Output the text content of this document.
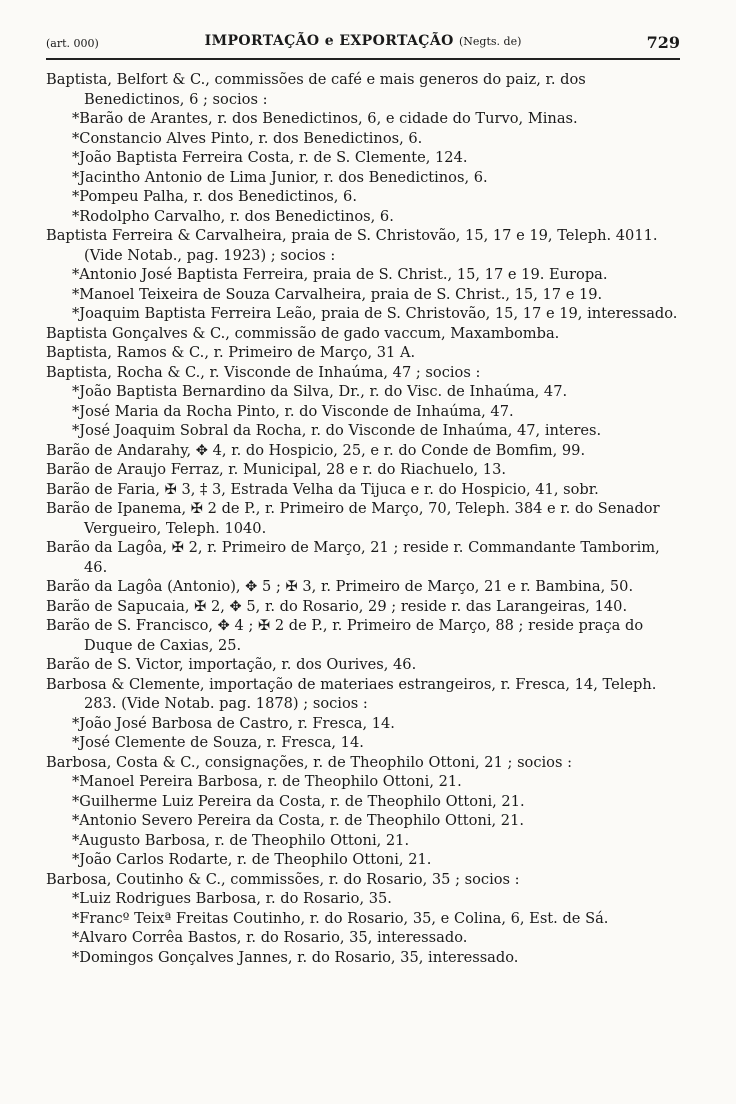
(art. 000)	IMPORTAÇÃO e EXPORTAÇÃO (Negts. de)	729

Baptista, Belfort & C., commissões de café e mais generos do paiz, r. dos Benedictinos, 6 ; socios :

*Barão de Arantes, r. dos Benedictinos, 6, e cidade do Turvo, Minas.

*Constancio Alves Pinto, r. dos Benedictinos, 6.

*João Baptista Ferreira Costa, r. de S. Clemente, 124.

*Jacintho Antonio de Lima Junior, r. dos Benedictinos, 6.

*Pompeu Palha, r. dos Benedictinos, 6.

*Rodolpho Carvalho, r. dos Benedictinos, 6.

Baptista Ferreira & Carvalheira, praia de S. Christovão, 15, 17 e 19, Teleph. 4011. (Vide Notab., pag. 1923) ; socios :

*Antonio José Baptista Ferreira, praia de S. Christ., 15, 17 e 19. Europa.

*Manoel Teixeira de Souza Carvalheira, praia de S. Christ., 15, 17 e 19.

*Joaquim Baptista Ferreira Leão, praia de S. Christovão, 15, 17 e 19, interessado.

Baptista Gonçalves & C., commissão de gado vaccum, Maxambomba.

Baptista, Ramos & C., r. Primeiro de Março, 31 A.

Baptista, Rocha & C., r. Visconde de Inhaúma, 47 ; socios :

*João Baptista Bernardino da Silva, Dr., r. do Visc. de Inhaúma, 47.

*José Maria da Rocha Pinto, r. do Visconde de Inhaúma, 47.

*José Joaquim Sobral da Rocha, r. do Visconde de Inhaúma, 47, interes.

Barão de Andarahy, ✥ 4, r. do Hospicio, 25, e r. do Conde de Bomfim, 99.

Barão de Araujo Ferraz, r. Municipal, 28 e r. do Riachuelo, 13.

Barão de Faria, ✠ 3, ‡ 3, Estrada Velha da Tijuca e r. do Hospicio, 41, sobr.

Barão de Ipanema, ✠ 2 de P., r. Primeiro de Março, 70, Teleph. 384 e r. do Senador Vergueiro, Teleph. 1040.

Barão da Lagôa, ✠ 2, r. Primeiro de Março, 21 ; reside r. Commandante Tamborim, 46.

Barão da Lagôa (Antonio), ✥ 5 ; ✠ 3, r. Primeiro de Março, 21 e r. Bambina, 50.

Barão de Sapucaia, ✠ 2, ✥ 5, r. do Rosario, 29 ; reside r. das Larangeiras, 140.

Barão de S. Francisco, ✥ 4 ; ✠ 2 de P., r. Primeiro de Março, 88 ; reside praça do Duque de Caxias, 25.

Barão de S. Victor, importação, r. dos Ourives, 46.

Barbosa & Clemente, importação de materiaes estrangeiros, r. Fresca, 14, Teleph. 283. (Vide Notab. pag. 1878) ; socios :

*João José Barbosa de Castro, r. Fresca, 14.

*José Clemente de Souza, r. Fresca, 14.

Barbosa, Costa & C., consignações, r. de Theophilo Ottoni, 21 ; socios :

*Manoel Pereira Barbosa, r. de Theophilo Ottoni, 21.

*Guilherme Luiz Pereira da Costa, r. de Theophilo Ottoni, 21.

*Antonio Severo Pereira da Costa, r. de Theophilo Ottoni, 21.

*Augusto Barbosa, r. de Theophilo Ottoni, 21.

*João Carlos Rodarte, r. de Theophilo Ottoni, 21.

Barbosa, Coutinho & C., commissões, r. do Rosario, 35 ; socios :

*Luiz Rodrigues Barbosa, r. do Rosario, 35.

*Francº Teixª Freitas Coutinho, r. do Rosario, 35, e Colina, 6, Est. de Sá.

*Alvaro Corrêa Bastos, r. do Rosario, 35, interessado.

*Domingos Gonçalves Jannes, r. do Rosario, 35, interessado.
